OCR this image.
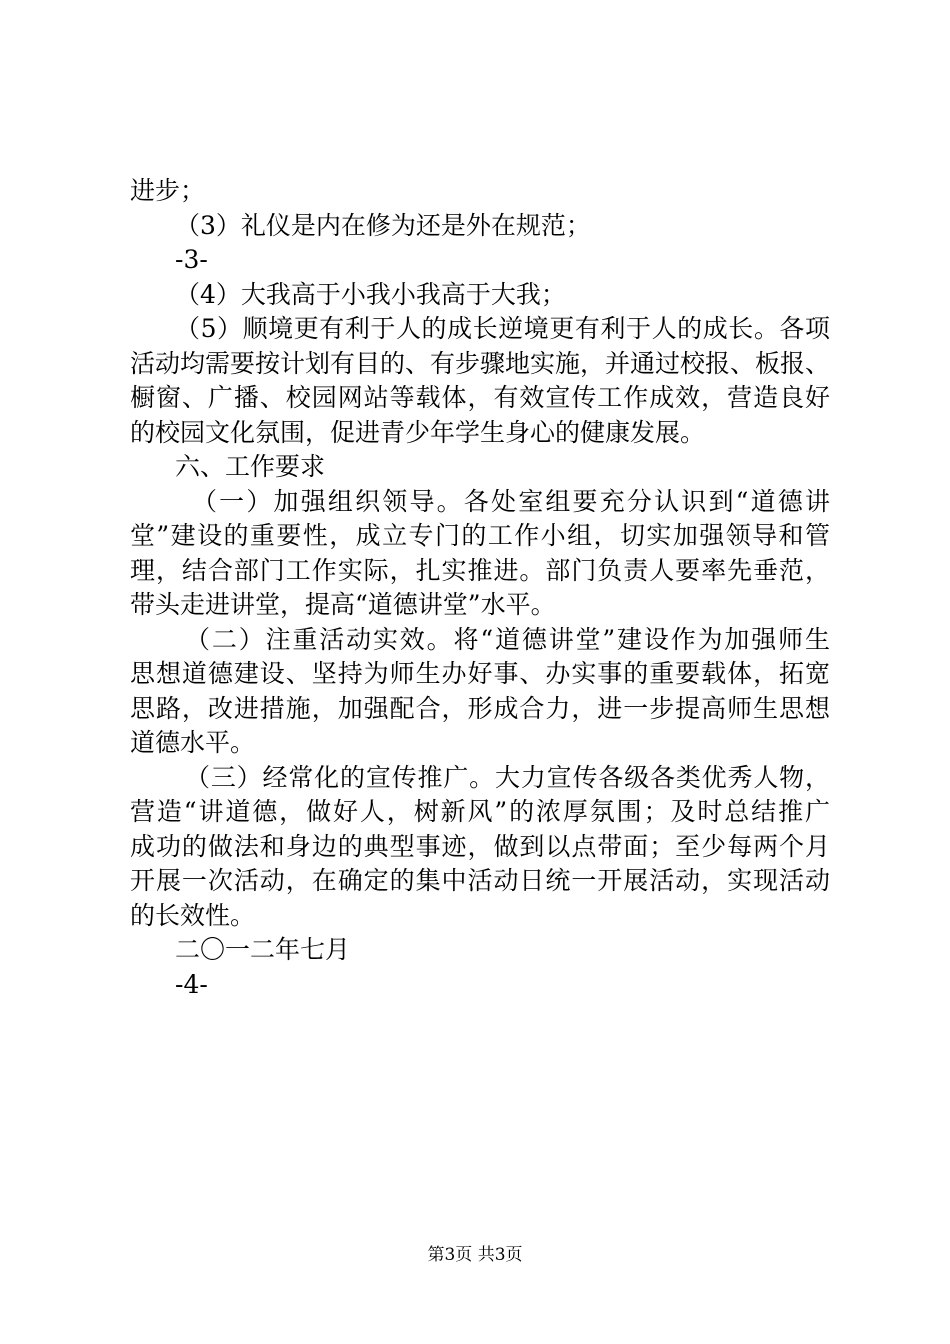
进步；
（3）礼仪是内在修为还是外在规范；
-3-
（4）大我高于小我小我高于大我；
（5）顺境更有利于人的成长逆境更有利于人的成长。各项
活动均需要按计划有目的、有步骤地实施，并通过校报、板报、
橱窗、广播、校园网站等载体，有效宣传工作成效，营造良好
的校园文化氛围，促进青少年学生身心的健康发展。
六、工作要求
（一）加强组织领导。各处室组要充分认识到“道德讲
堂”建设的重要性，成立专门的工作小组，切实加强领导和管
理，结合部门工作实际，扎实推进。部门负责人要率先垂范，
带头走进讲堂，提高“道德讲堂”水平。
（二）注重活动实效。将“道德讲堂”建设作为加强师生
思想道德建设、坚持为师生办好事、办实事的重要载体，拓宽
思路，改进措施，加强配合，形成合力，进一步提高师生思想
道德水平。
（三）经常化的宣传推广。大力宣传各级各类优秀人物，
营造“讲道德，做好人，树新风”的浓厚氛围；及时总结推广
成功的做法和身边的典型事迹，做到以点带面；至少每两个月
开展一次活动，在确定的集中活动日统一开展活动，实现活动
的长效性。
二〇一二年七月
-4-
第3页 共3页
